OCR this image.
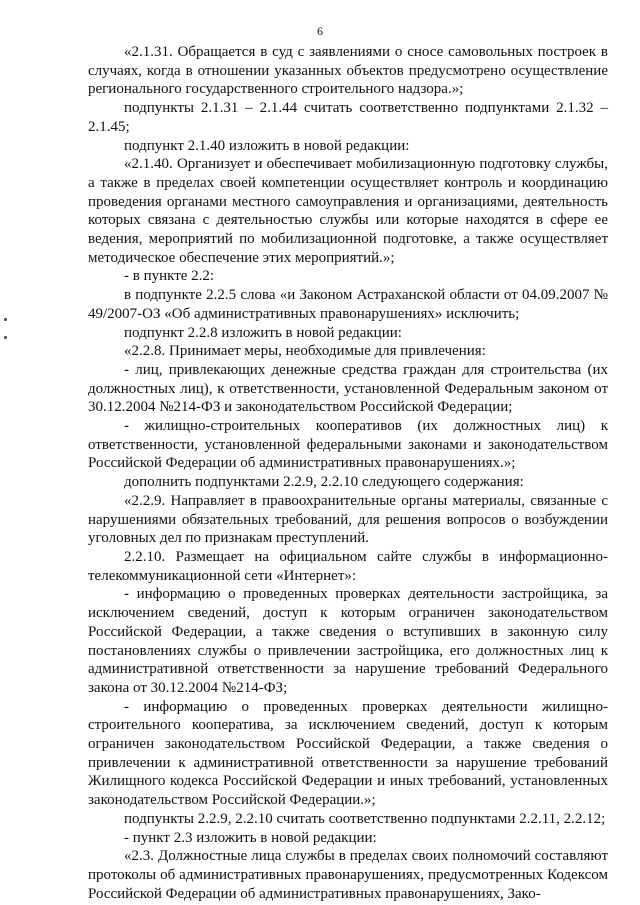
6

«2.1.31. Обращается в суд с заявлениями о сносе самовольных построек в случаях, когда в отношении указанных объектов предусмотрено осуществление регионального государственного строительного надзора.»;

подпункты 2.1.31 – 2.1.44 считать соответственно подпунктами 2.1.32 – 2.1.45;

подпункт 2.1.40 изложить в новой редакции:

«2.1.40. Организует и обеспечивает мобилизационную подготовку службы, а также в пределах своей компетенции осуществляет контроль и координацию проведения органами местного самоуправления и организациями, деятельность которых связана с деятельностью службы или которые находятся в сфере ее ведения, мероприятий по мобилизационной подготовке, а также осуществляет методическое обеспечение этих мероприятий.»;

- в пункте 2.2:

в подпункте 2.2.5 слова «и Законом Астраханской области от 04.09.2007 № 49/2007-ОЗ «Об административных правонарушениях» исключить;

подпункт 2.2.8 изложить в новой редакции:

«2.2.8. Принимает меры, необходимые для привлечения:

- лиц, привлекающих денежные средства граждан для строительства (их должностных лиц), к ответственности, установленной Федеральным законом от 30.12.2004 №214-ФЗ и законодательством Российской Федерации;

- жилищно-строительных кооперативов (их должностных лиц) к ответственности, установленной федеральными законами и законодательством Российской Федерации об административных правонарушениях.»;

дополнить подпунктами 2.2.9, 2.2.10 следующего содержания:

«2.2.9. Направляет в правоохранительные органы материалы, связанные с нарушениями обязательных требований, для решения вопросов о возбуждении уголовных дел по признакам преступлений.

2.2.10. Размещает на официальном сайте службы в информационно-телекоммуникационной сети «Интернет»:

- информацию о проведенных проверках деятельности застройщика, за исключением сведений, доступ к которым ограничен законодательством Российской Федерации, а также сведения о вступивших в законную силу постановлениях службы о привлечении застройщика, его должностных лиц к административной ответственности за нарушение требований Федерального закона от 30.12.2004 №214-ФЗ;

- информацию о проведенных проверках деятельности жилищно-строительного кооператива, за исключением сведений, доступ к которым ограничен законодательством Российской Федерации, а также сведения о привлечении к административной ответственности за нарушение требований Жилищного кодекса Российской Федерации и иных требований, установленных законодательством Российской Федерации.»;

подпункты 2.2.9, 2.2.10 считать соответственно подпунктами 2.2.11, 2.2.12;

- пункт 2.3 изложить в новой редакции:

«2.3. Должностные лица службы в пределах своих полномочий составляют протоколы об административных правонарушениях, предусмотренных Кодексом Российской Федерации об административных правонарушениях, Зако-
